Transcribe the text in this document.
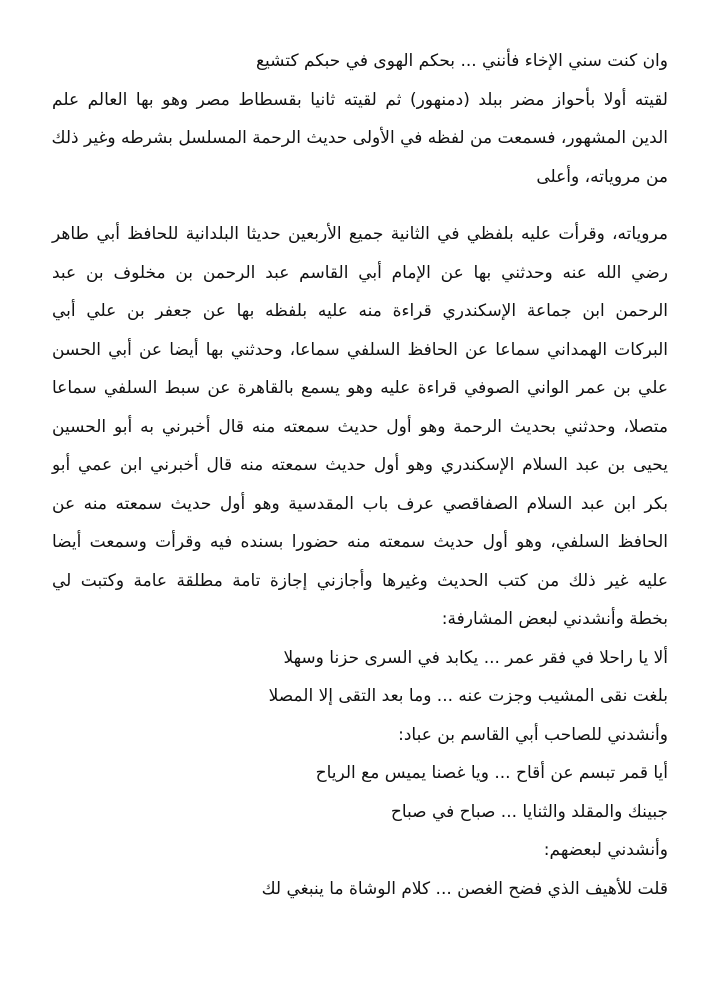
وان كنت سني الإخاء فأنني ... بحكم الهوى في حبكم كتشيع
لقيته أولا بأحواز مضر ببلد (دمنهور) ثم لقيته ثانيا بقسطاط مصر وهو بها العالم علم
الدين المشهور، فسمعت من لفظه في الأولى حديث الرحمة المسلسل بشرطه وغير ذلك
من مروياته، وأعلى
مروياته، وقرأت عليه بلفظي في الثانية جميع الأربعين حديثا البلدانية للحافظ أبي طاهر
رضي الله عنه وحدثني بها عن الإمام أبي القاسم عبد الرحمن بن مخلوف بن عبد
الرحمن ابن جماعة الإسكندري قراءة منه عليه بلفظه بها عن جعفر بن علي أبي
البركات الهمداني سماعا عن الحافظ السلفي سماعا، وحدثني بها أيضا عن أبي الحسن
علي بن عمر الواني الصوفي قراءة عليه وهو يسمع بالقاهرة عن سبط السلفي سماعا
متصلا، وحدثني بحديث الرحمة وهو أول حديث سمعته منه قال أخبرني به أبو الحسين
يحيى بن عبد السلام الإسكندري وهو أول حديث سمعته منه قال أخبرني ابن عمي أبو
بكر ابن عبد السلام الصفاقصي عرف باب المقدسية وهو أول حديث سمعته منه عن
الحافظ السلفي، وهو أول حديث سمعته منه حضورا بسنده فيه وقرأت وسمعت أيضا
عليه غير ذلك من كتب الحديث وغيرها وأجازني إجازة تامة مطلقة عامة وكتبت لي
بخطة وأنشدني لبعض المشارفة:
ألا يا راحلا في فقر عمر ... يكابد في السرى حزنا وسهلا
بلغت نقى المشيب وجزت عنه ... وما بعد التقى إلا المصلا
وأنشدني للصاحب أبي القاسم بن عباد:
أيا قمر تبسم عن أقاح ... ويا غصنا يميس مع الرياح
جبينك والمقلد والثنايا ... صباح في صباح
وأنشدني لبعضهم:
قلت للأهيف الذي فضح الغصن ... كلام الوشاة ما ينبغي لك
